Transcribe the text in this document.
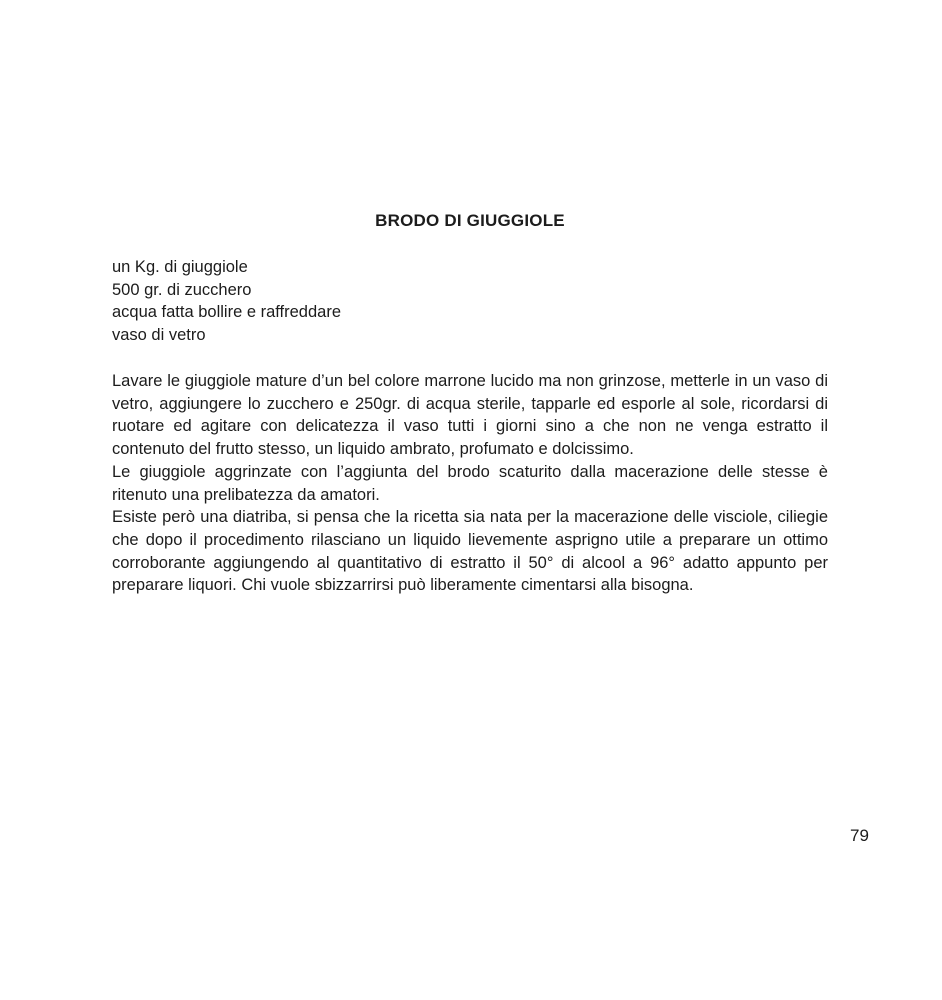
BRODO DI GIUGGIOLE
un Kg. di giuggiole
500 gr. di zucchero
acqua fatta bollire e raffreddare
vaso di vetro

Lavare le giuggiole mature d’un bel colore marrone lucido ma non grinzose, metterle in un vaso di vetro, aggiungere lo zucchero e 250gr. di acqua sterile, tapparle ed esporle al sole, ricordarsi di ruotare ed agitare con delicatezza il vaso tutti i giorni sino a che non ne venga estratto il contenuto del frutto stesso, un liquido ambrato, profumato e dolcissimo.

Le giuggiole aggrinzate con l’aggiunta del brodo scaturito dalla macerazione delle stesse è ritenuto una prelibatezza da amatori.

Esiste però una diatriba, si pensa che la ricetta sia nata per la macerazione delle visciole, ciliegie che dopo il procedimento rilasciano un liquido lievemente asprigno utile a preparare un ottimo corroborante aggiungendo al quantitativo di estratto il 50° di alcool a 96° adatto appunto per preparare liquori. Chi vuole sbizzarrirsi può liberamente cimentarsi alla bisogna.

79
